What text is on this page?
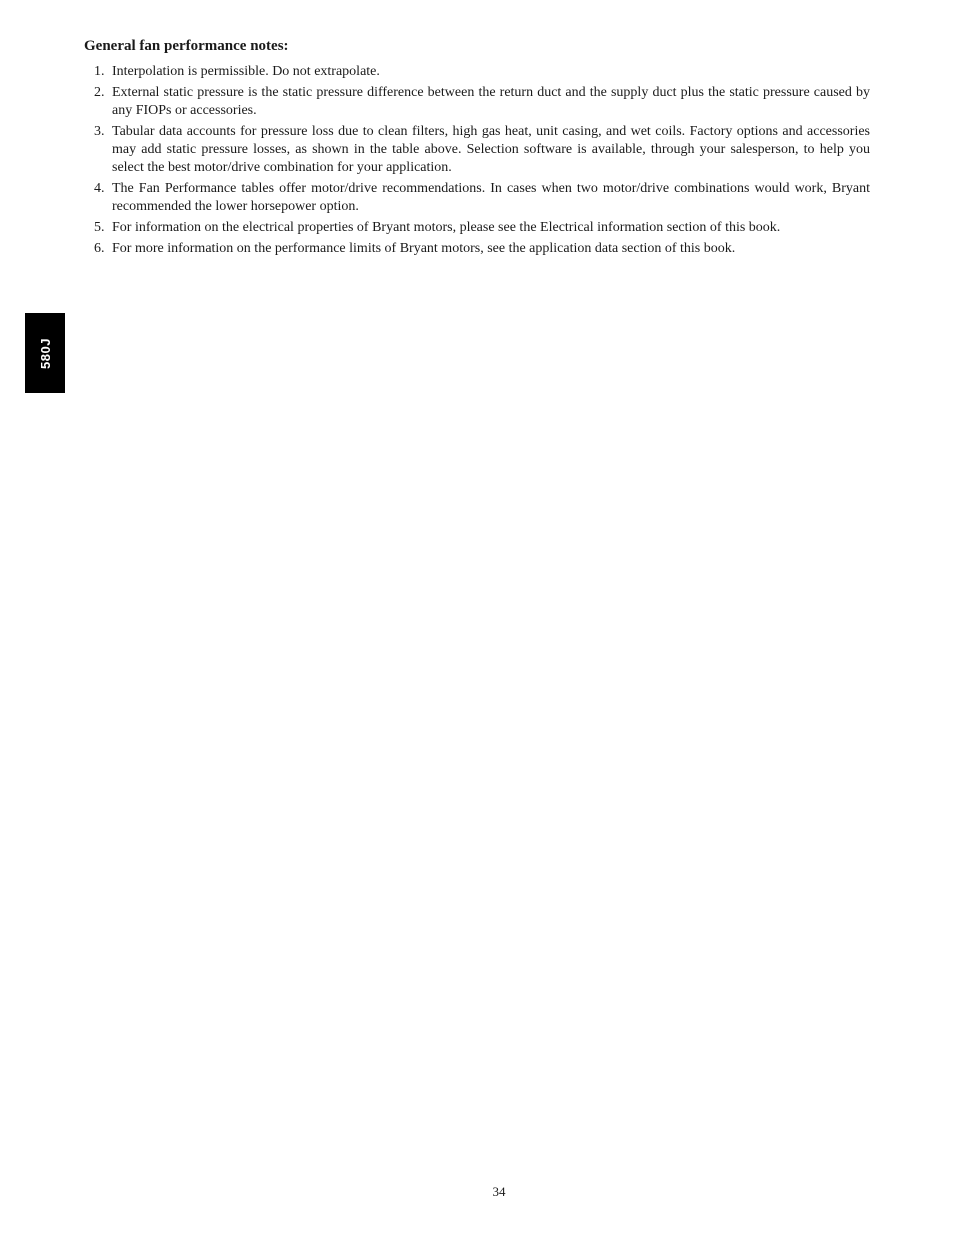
General fan performance notes:
1. Interpolation is permissible. Do not extrapolate.
2. External static pressure is the static pressure difference between the return duct and the supply duct plus the static pressure caused by any FIOPs or accessories.
3. Tabular data accounts for pressure loss due to clean filters, high gas heat, unit casing, and wet coils. Factory options and accessories may add static pressure losses, as shown in the table above. Selection software is available, through your salesperson, to help you select the best motor/drive combination for your application.
4. The Fan Performance tables offer motor/drive recommendations. In cases when two motor/drive combinations would work, Bryant recommended the lower horsepower option.
5. For information on the electrical properties of Bryant motors, please see the Electrical information section of this book.
6. For more information on the performance limits of Bryant motors, see the application data section of this book.
580J
34
